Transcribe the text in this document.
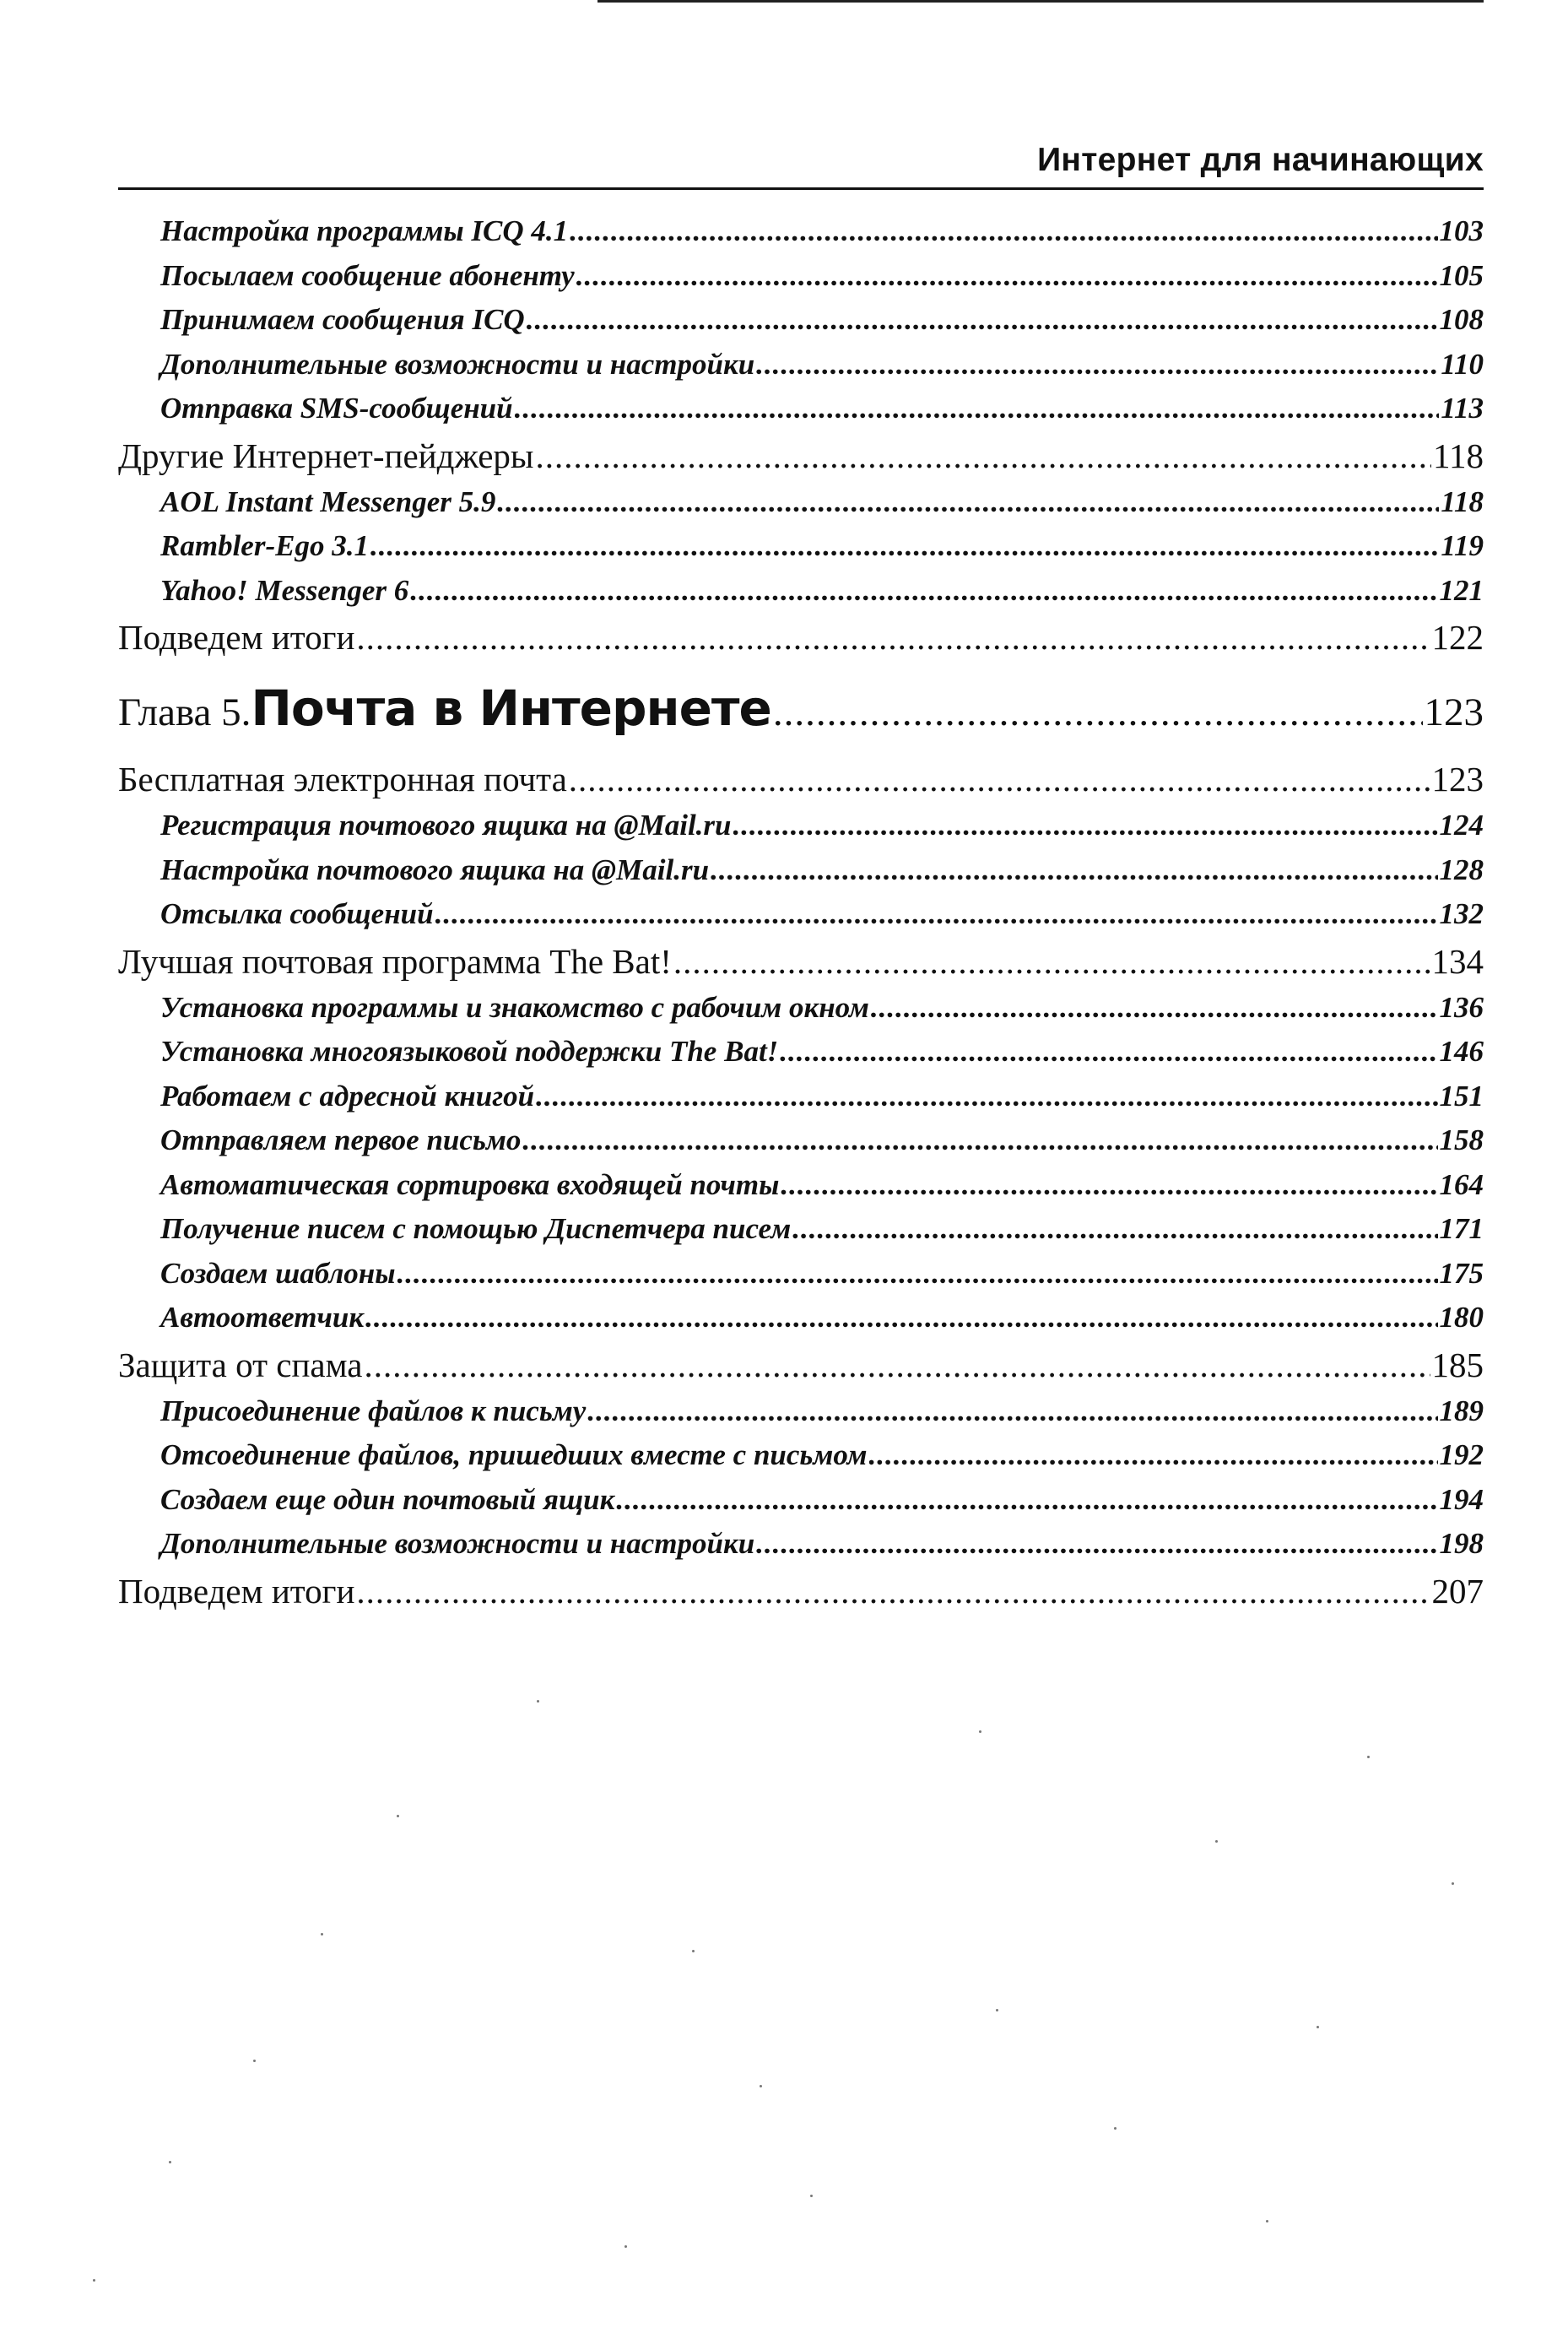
Интернет для начинающих
Настройка программы ICQ 4.1 .....	103
Посылаем сообщение абоненту .....	105
Принимаем сообщения ICQ .....	108
Дополнительные возможности и настройки .....	110
Отправка SMS-сообщений .....	113
Другие Интернет-пейджеры .....	118
AOL Instant Messenger 5.9 .....	118
Rambler-Ego 3.1 .....	119
Yahoo! Messenger 6 .....	121
Подведем итоги .....	122
Глава 5.Почта в Интернете .....	123
Бесплатная электронная почта .....	123
Регистрация почтового ящика на @Mail.ru .....	124
Настройка почтового ящика на @Mail.ru .....	128
Отсылка сообщений .....	132
Лучшая почтовая программа The Bat! .....	134
Установка программы и знакомство с рабочим окном .....	136
Установка многоязыковой поддержки The Bat! .....	146
Работаем с адресной книгой .....	151
Отправляем первое письмо .....	158
Автоматическая сортировка входящей почты .....	164
Получение писем с помощью Диспетчера писем .....	171
Создаем шаблоны .....	175
Автоответчик .....	180
Защита от спама .....	185
Присоединение файлов к письму .....	189
Отсоединение файлов, пришедших вместе с письмом .....	192
Создаем еще один почтовый ящик .....	194
Дополнительные возможности и настройки .....	198
Подведем итоги .....	207
